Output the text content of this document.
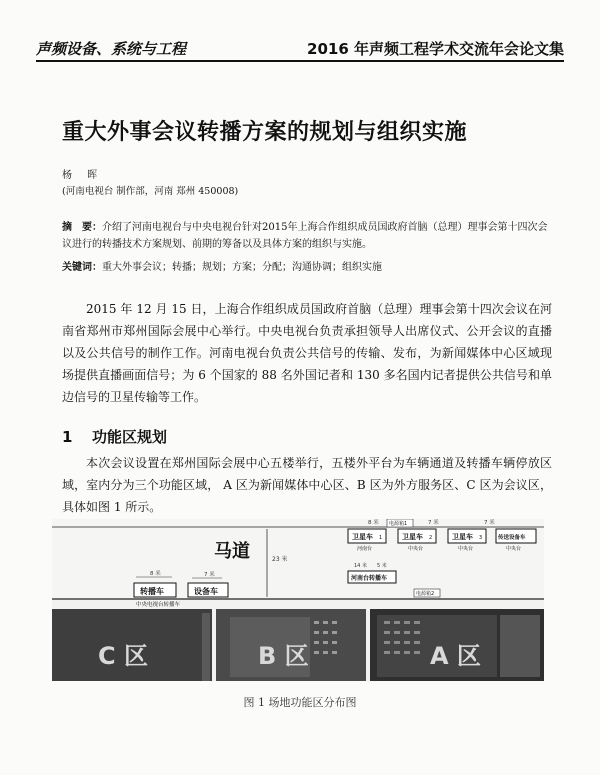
声频设备、系统与工程	2016 年声频工程学术交流年会论文集
重大外事会议转播方案的规划与组织实施
杨 晖
(河南电视台 制作部，河南 郑州 450008)
摘　要：介绍了河南电视台与中央电视台针对2015年上海合作组织成员国政府首脑（总理）理事会第十四次会议进行的转播技术方案规划、前期的筹备以及具体方案的组织与实施。
关键词：重大外事会议；转播；规划；方案；分配；沟通协调；组织实施
2015 年 12 月 15 日，上海合作组织成员国政府首脑（总理）理事会第十四次会议在河南省郑州市郑州国际会展中心举行。中央电视台负责承担领导人出席仪式、公开会议的直播以及公共信号的制作工作。河南电视台负责公共信号的传输、发布，为新闻媒体中心区域现场提供直播画面信号；为 6 个国家的 88 名外国记者和 130 多名国内记者提供公共信号和单边信号的卫星传输等工作。
1 功能区规划
本次会议设置在郑州国际会展中心五楼举行，五楼外平台为车辆通道及转播车辆停放区域，室内分为三个功能区域， A 区为新闻媒体中心区、B 区为外方服务区、C 区为会议区，具体如图 1 所示。
马道	23 米
8 米	7 米
转播车	设备车
中央电视台转播车
8 米 电源箱1	7 米	7 米
卫星车 1
河南台
卫星车 2
中央台
卫星车 3
中央台
传送设备车
中央台
14 米 5 米
河南台转播车
电源箱2
C 区	B 区	A 区
图 1 场地功能区分布图
